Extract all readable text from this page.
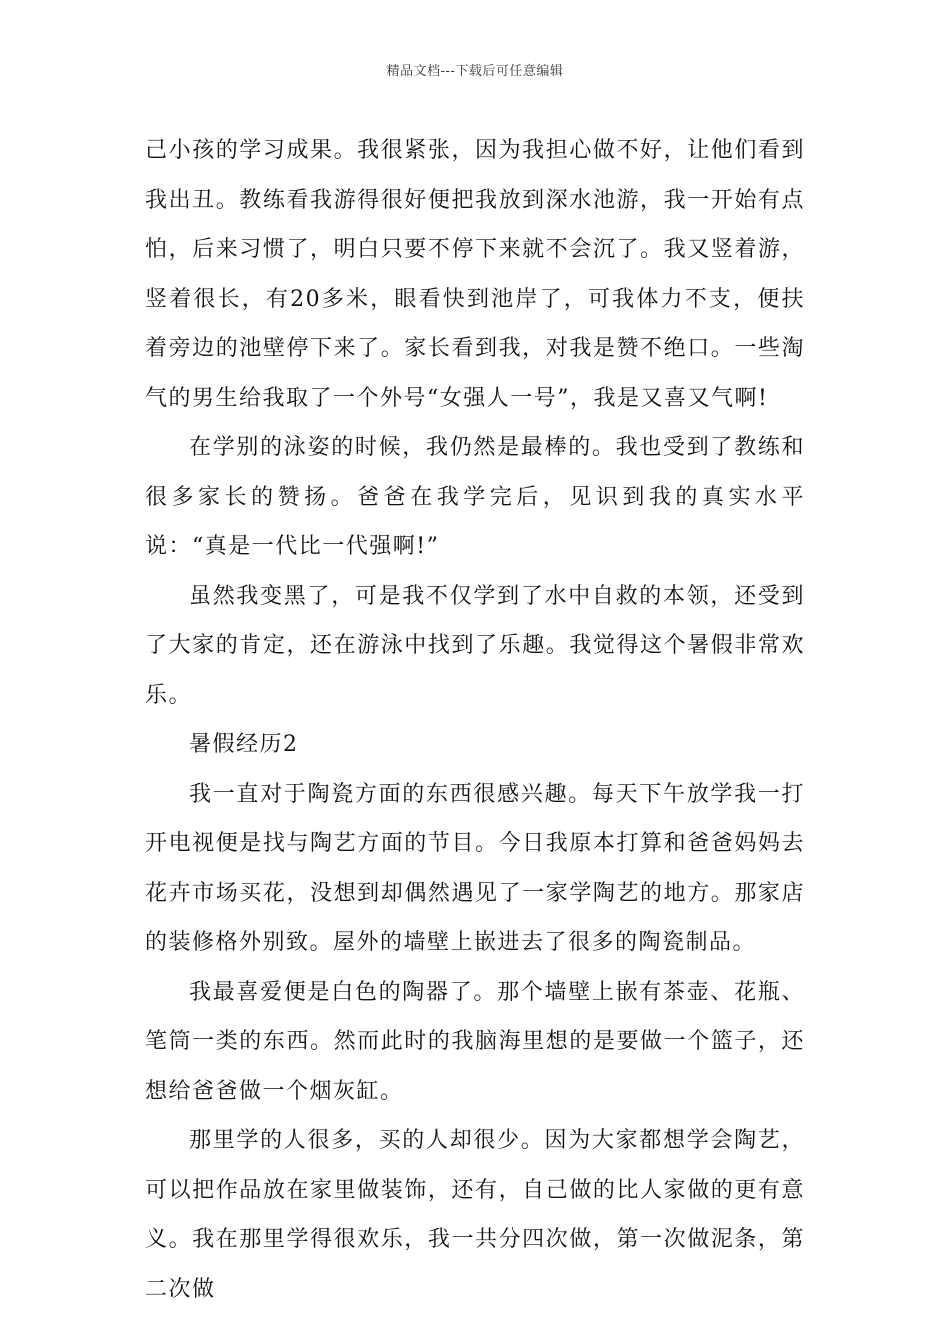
精品文档---下载后可任意编辑

己小孩的学习成果。我很紧张，因为我担心做不好，让他们看到我出丑。教练看我游得很好便把我放到深水池游，我一开始有点怕，后来习惯了，明白只要不停下来就不会沉了。我又竖着游，竖着很长，有20多米，眼看快到池岸了，可我体力不支，便扶着旁边的池壁停下来了。家长看到我，对我是赞不绝口。一些淘气的男生给我取了一个外号“女强人一号”，我是又喜又气啊!

在学别的泳姿的时候，我仍然是最棒的。我也受到了教练和很多家长的赞扬。爸爸在我学完后，见识到我的真实水平说：“真是一代比一代强啊!”

虽然我变黑了，可是我不仅学到了水中自救的本领，还受到了大家的肯定，还在游泳中找到了乐趣。我觉得这个暑假非常欢乐。

暑假经历2

我一直对于陶瓷方面的东西很感兴趣。每天下午放学我一打开电视便是找与陶艺方面的节目。今日我原本打算和爸爸妈妈去花卉市场买花，没想到却偶然遇见了一家学陶艺的地方。那家店的装修格外别致。屋外的墙壁上嵌进去了很多的陶瓷制品。

我最喜爱便是白色的陶器了。那个墙壁上嵌有茶壶、花瓶、笔筒一类的东西。然而此时的我脑海里想的是要做一个篮子，还想给爸爸做一个烟灰缸。

那里学的人很多，买的人却很少。因为大家都想学会陶艺，可以把作品放在家里做装饰，还有，自己做的比人家做的更有意义。我在那里学得很欢乐，我一共分四次做，第一次做泥条，第二次做
